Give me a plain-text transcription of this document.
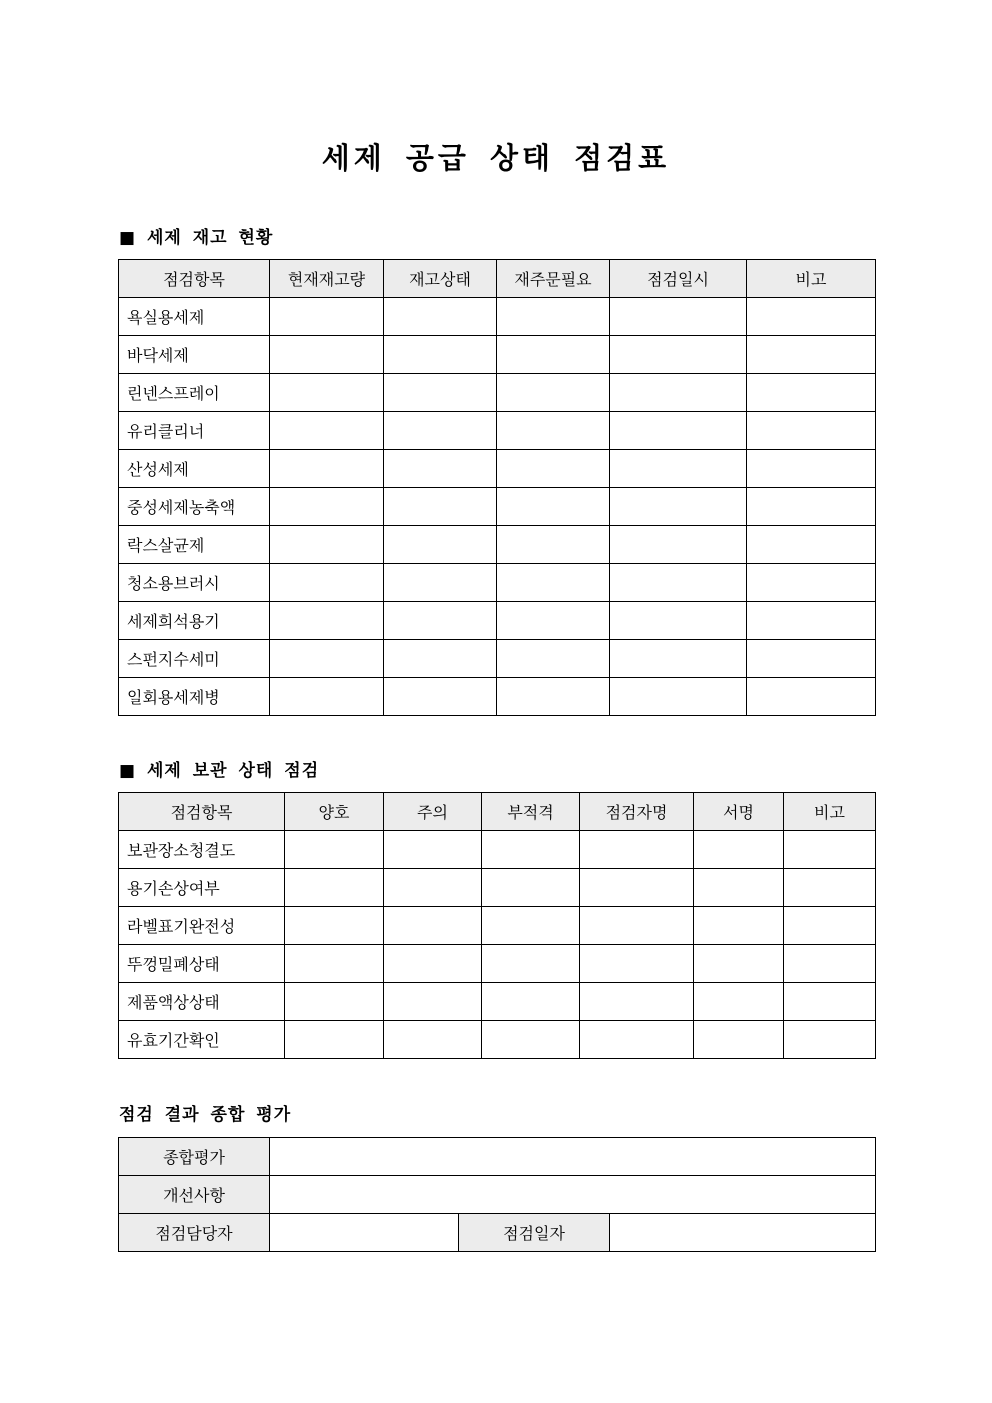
세제 공급 상태 점검표
■ 세제 재고 현황
점검항목	현재재고량	재고상태	재주문필요	점검일시	비고
욕실용세제					
바닥세제					
린넨스프레이					
유리클리너					
산성세제					
중성세제농축액					
락스살균제					
청소용브러시					
세제희석용기					
스펀지수세미					
일회용세제병					
■ 세제 보관 상태 점검
점검항목	양호	주의	부적격	점검자명	서명	비고
보관장소청결도						
용기손상여부						
라벨표기완전성						
뚜껑밀폐상태						
제품액상상태						
유효기간확인						
점검 결과 종합 평가
종합평가			
개선사항			
점검담당자		점검일자	
